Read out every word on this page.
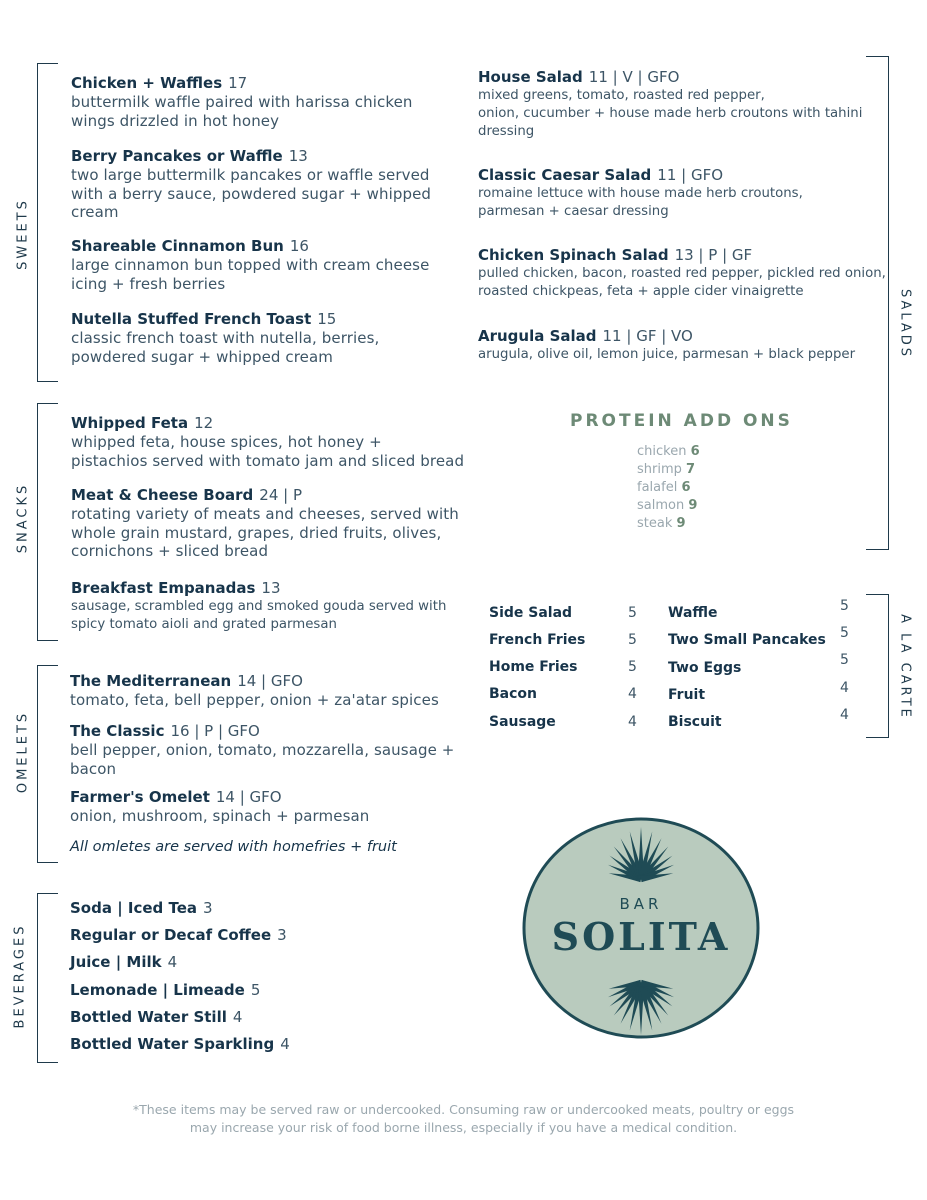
SWEETS
Chicken + Waffles 17
buttermilk waffle paired with harissa chicken
wings drizzled in hot honey
Berry Pancakes or Waffle 13
two large buttermilk pancakes or waffle served
with a berry sauce, powdered sugar + whipped
cream
Shareable Cinnamon Bun 16
large cinnamon bun topped with cream cheese
icing + fresh berries
Nutella Stuffed French Toast 15
classic french toast with nutella, berries,
powdered sugar + whipped cream
SNACKS
Whipped Feta 12
whipped feta, house spices, hot honey +
pistachios served with tomato jam and sliced bread
Meat & Cheese Board 24 | P
rotating variety of meats and cheeses, served with
whole grain mustard, grapes, dried fruits, olives,
cornichons + sliced bread
Breakfast Empanadas 13
sausage, scrambled egg and smoked gouda served with
spicy tomato aioli and grated parmesan
OMELETS
The Mediterranean 14 | GFO
tomato, feta, bell pepper, onion + za'atar spices
The Classic 16 | P | GFO
bell pepper, onion, tomato, mozzarella, sausage +
bacon
Farmer's Omelet 14 | GFO
onion, mushroom, spinach + parmesan
All omletes are served with homefries + fruit
BEVERAGES
Soda | Iced Tea 3
Regular or Decaf Coffee 3
Juice | Milk 4
Lemonade | Limeade 5
Bottled Water Still 4
Bottled Water Sparkling 4
SALADS
House Salad 11 | V | GFO
mixed greens, tomato, roasted red pepper,
onion, cucumber + house made herb croutons with tahini
dressing
Classic Caesar Salad 11 | GFO
romaine lettuce with house made herb croutons,
parmesan + caesar dressing
Chicken Spinach Salad 13 | P | GF
pulled chicken, bacon, roasted red pepper, pickled red onion,
roasted chickpeas, feta + apple cider vinaigrette
Arugula Salad 11 | GF | VO
arugula, olive oil, lemon juice, parmesan + black pepper
PROTEIN ADD ONS
chicken 6
shrimp 7
falafel 6
salmon 9
steak 9
A LA CARTE
Side Salad	5
French Fries	5
Home Fries	5
Bacon	4
Sausage	4
Waffle	5
Two Small Pancakes 5
Two Eggs	5
Fruit	4
Biscuit	4
BAR
SOLITA
*These items may be served raw or undercooked. Consuming raw or undercooked meats, poultry or eggs
may increase your risk of food borne illness, especially if you have a medical condition.
